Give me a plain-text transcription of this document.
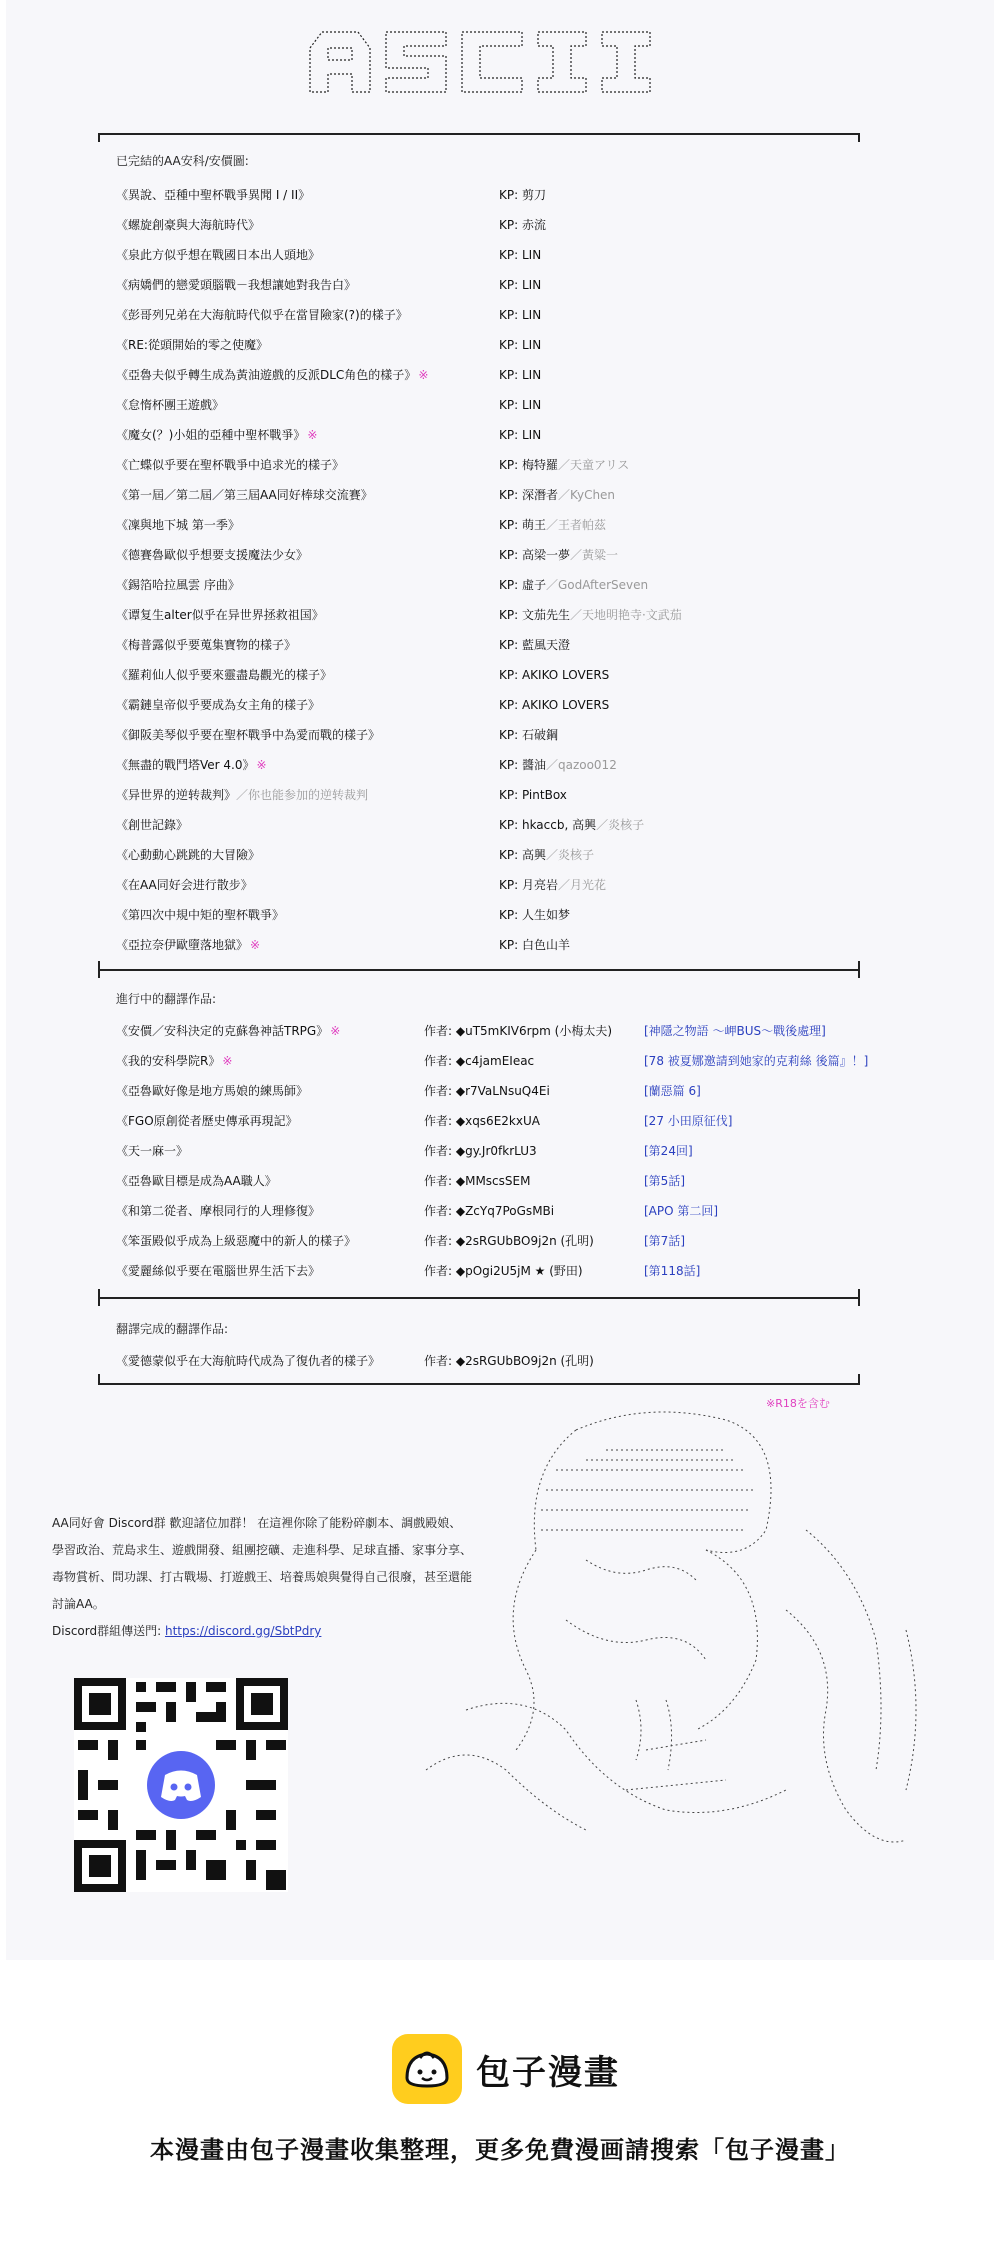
ASCII
已完結的AA安科/安價圖:
《異說、亞種中聖杯戰爭異聞 I / II》	KP: 剪刀
《螺旋創豪與大海航時代》	KP: 赤流
《泉此方似乎想在戰國日本出人頭地》	KP: LIN
《病嬌們的戀愛頭腦戰－我想讓她對我告白》	KP: LIN
《彭哥列兄弟在大海航時代似乎在當冒險家(?)的樣子》	KP: LIN
《RE:從頭開始的零之使魔》	KP: LIN
《亞魯夫似乎轉生成為黃油遊戲的反派DLC角色的樣子》 ※	KP: LIN
《怠惰杯團王遊戲》	KP: LIN
《魔女(？)小姐的亞種中聖杯戰爭》 ※	KP: LIN
《亡蝶似乎要在聖杯戰爭中追求光的樣子》	KP: 梅特羅／天童アリス
《第一屆／第二屆／第三屆AA同好棒球交流賽》	KP: 深潛者／KyChen
《凜與地下城 第一季》	KP: 萌王／王者帕茲
《德賽魯歐似乎想要支援魔法少女》	KP: 高梁一夢／黃粱一
《錫箔哈拉風雲 序曲》	KP: 虛子／GodAfterSeven
《谭复生alter似乎在异世界拯救祖国》	KP: 文茄先生／天地明艳寺·文武茄
《梅普露似乎要蒐集寶物的樣子》	KP: 藍風天澄
《羅莉仙人似乎要來靈盡島觀光的樣子》	KP: AKIKO LOVERS
《霸鏈皇帝似乎要成為女主角的樣子》	KP: AKIKO LOVERS
《御阪美琴似乎要在聖杯戰爭中為愛而戰的樣子》	KP: 石破鋼
《無盡的戰鬥塔Ver 4.0》 ※	KP: 醬油／qazoo012
《异世界的逆转裁判》／你也能参加的逆转裁判	KP: PintBox
《創世記錄》	KP: hkaccb, 高興／炎核子
《心動動心跳跳的大冒險》	KP: 高興／炎核子
《在AA同好会进行散步》	KP: 月亮岩／月光花
《第四次中規中矩的聖杯戰爭》	KP: 人生如梦
《亞拉奈伊歐墮落地獄》 ※	KP: 白色山羊
進行中的翻譯作品:
《安價／安科決定的克蘇魯神話TRPG》 ※	作者: ◆uT5mKIV6rpm (小梅太夫)	[神隱之物語 〜岬BUS〜戰後處理]
《我的安科學院R》 ※	作者: ◆c4jamEIeac	[78 被夏娜邀請到她家的克莉絲 後篇』！]
《亞魯歐好像是地方馬娘的練馬師》	作者: ◆r7VaLNsuQ4Ei	[蘭惡篇 6]
《FGO原創從者歷史傳承再現記》	作者: ◆xqs6E2kxUA	[27 小田原征伐]
《天一麻一》	作者: ◆gy.Jr0fkrLU3	[第24回]
《亞魯歐目標是成為AA職人》	作者: ◆MMscsSEM	[第5話]
《和第二從者、摩根同行的人理修復》	作者: ◆ZcYq7PoGsMBi	[APO 第二回]
《笨蛋殿似乎成為上級惡魔中的新人的樣子》	作者: ◆2sRGUbBO9j2n (孔明)	[第7話]
《愛麗絲似乎要在電腦世界生活下去》	作者: ◆pOgi2U5jM ★ (野田)	[第118話]
翻譯完成的翻譯作品:
《愛德蒙似乎在大海航時代成為了復仇者的樣子》	作者: ◆2sRGUbBO9j2n (孔明)
※R18を含む
AA同好會 Discord群 歡迎諸位加群！ 在這裡你除了能粉碎劇本、調戲殿娘、學習政治、荒島求生、遊戲開發、組團挖礦、走進科學、足球直播、家事分享、毒物賞析、問功課、打古戰場、打遊戲王、培養馬娘與覺得自己很廢，甚至還能討論AA。
Discord群組傳送門: https://discord.gg/SbtPdry
包子漫畫
本漫畫由包子漫畫收集整理，更多免費漫画請搜索「包子漫畫」
